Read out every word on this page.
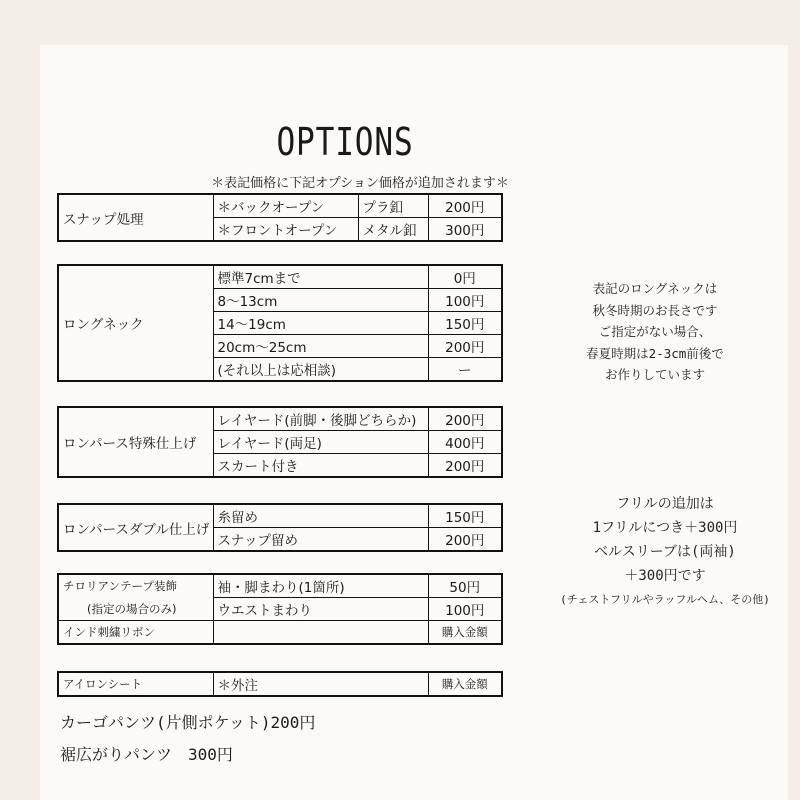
OPTIONS
＊表記価格に下記オプション価格が追加されます＊
スナップ処理	＊バックオープン	プラ釦	200円
	＊フロントオープン	メタル釦	300円
ロングネック	標準7cmまで	0円
	8～13cm	100円
	14～19cm	150円
	20cm～25cm	200円
	(それ以上は応相談)	ー
ロンパース特殊仕上げ	レイヤード(前脚・後脚どちらか)	200円
	レイヤード(両足)	400円
	スカート付き	200円
ロンパースダブル仕上げ	糸留め	150円
	スナップ留め	200円
チロリアンテープ装飾	袖・脚まわり(1箇所)	50円
(指定の場合のみ)	ウエストまわり	100円
インド刺繍リボン		購入金額
アイロンシート	＊外注	購入金額
表記のロングネックは
秋冬時期のお長さです
ご指定がない場合、
春夏時期は2-3cm前後で
お作りしています
フリルの追加は
1フリルにつき＋300円
ベルスリーブは(両袖)
＋300円です
(チェストフリルやラッフルヘム、その他)
カーゴパンツ(片側ポケット)200円
裾広がりパンツ　300円
